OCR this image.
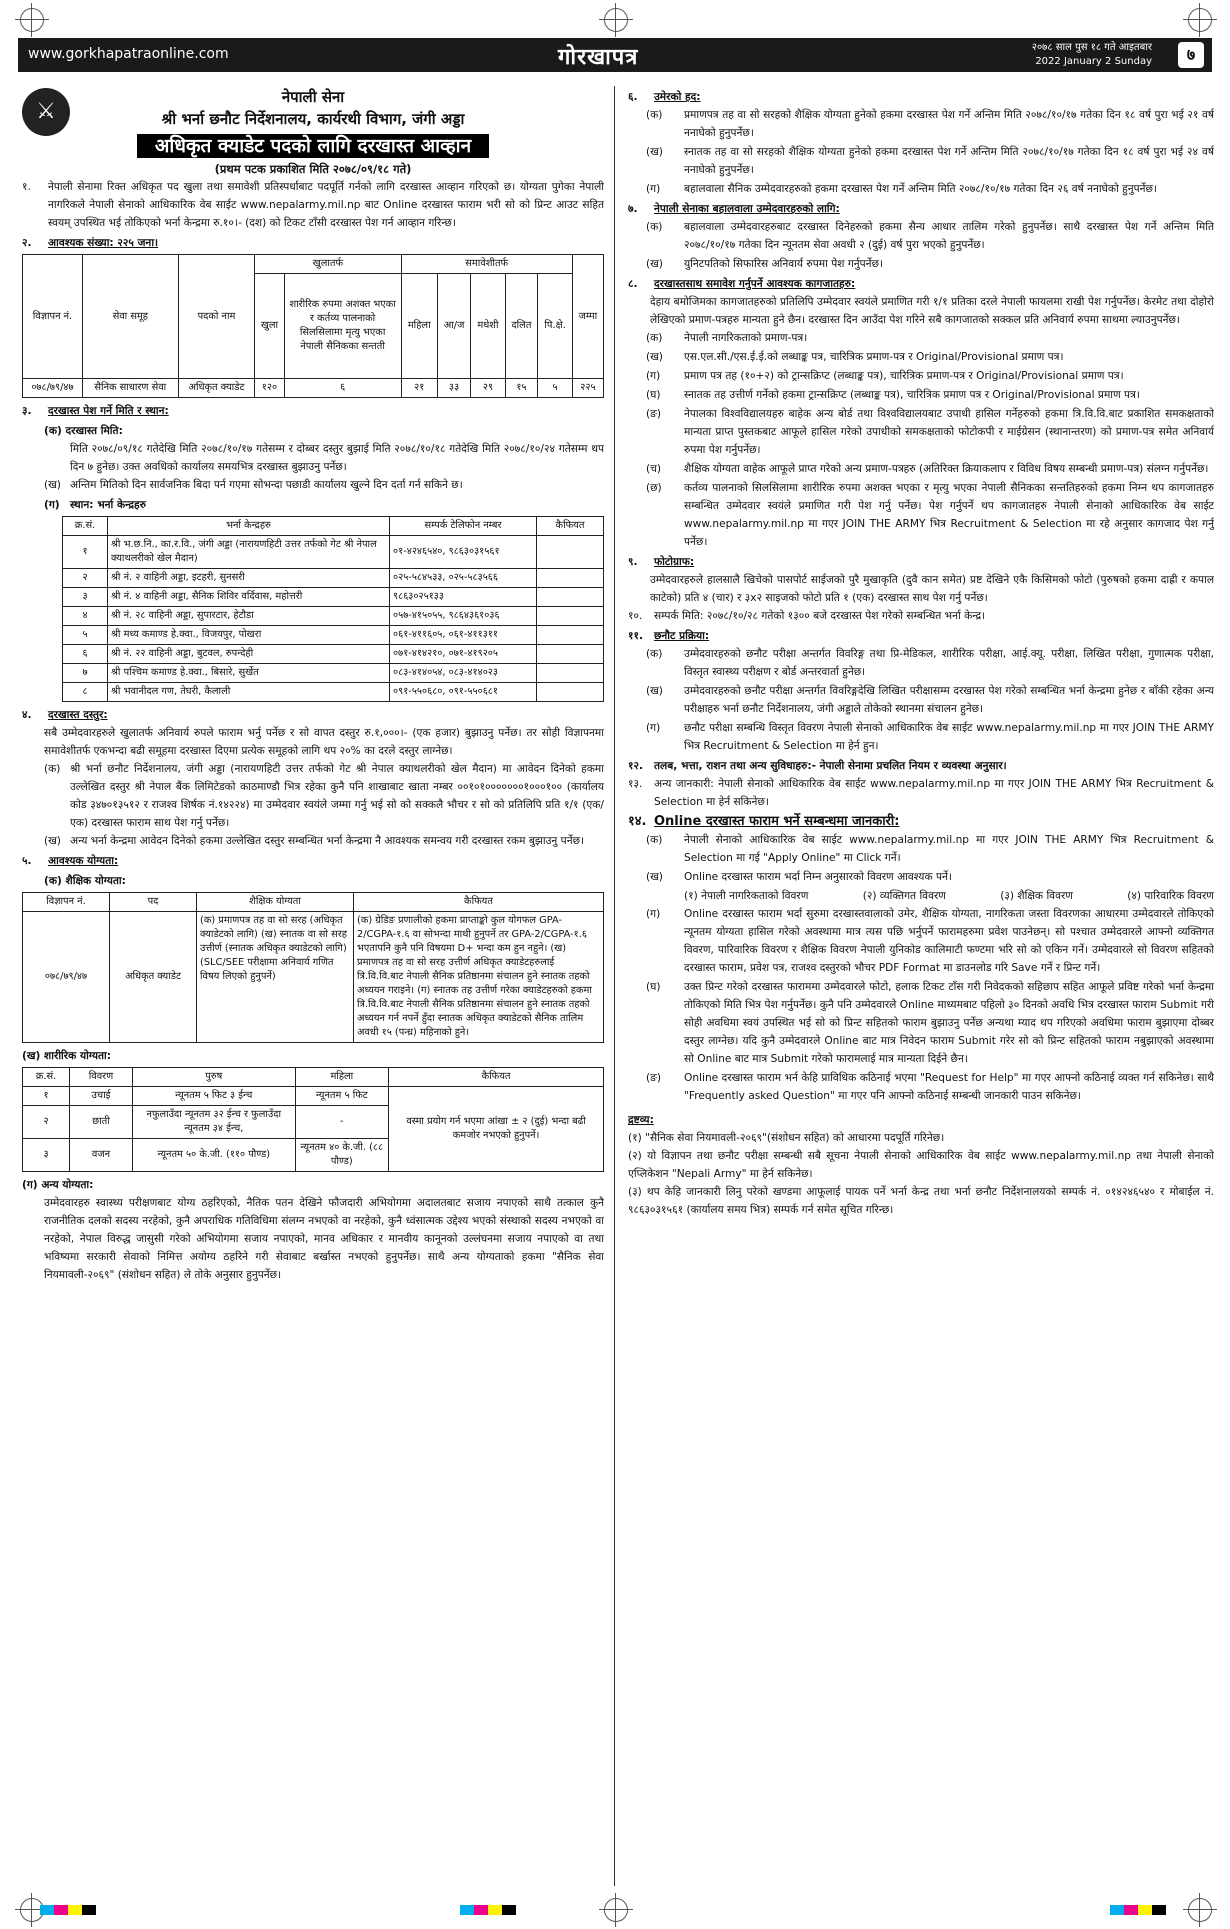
www.gorkhapatraonline.com	गोरखापत्र	२०७८ साल पुस १८ गते आइतबार
2022 January 2 Sunday	७
⚔
नेपाली सेना
श्री भर्ना छनौट निर्देशनालय, कार्यरथी विभाग, जंगी अड्डा
अधिकृत क्याडेट पदको लागि दरखास्त आव्हान
(प्रथम पटक प्रकाशित मिति २०७८/०९/१८ गते)
१.	नेपाली सेनामा रिक्त अधिकृत पद खुला तथा समावेशी प्रतिस्पर्धाबाट पदपूर्ति गर्नको लागि दरखास्त आव्हान गरिएको छ। योग्यता पुगेका नेपाली नागरिकले नेपाली सेनाको आधिकारिक वेब साईट www.nepalarmy.mil.np बाट Online दरखास्त फाराम भरी सो को प्रिन्ट आउट सहित स्वयम् उपस्थित भई तोकिएको भर्ना केन्द्रमा रु.१०।- (दश) को टिकट टाँसी दरखास्त पेश गर्न आव्हान गरिन्छ।
२.	आवश्यक संख्या: २२५ जना।
विज्ञापन नं.	सेवा समूह	पदको नाम	खुलातर्फ		समावेशीतर्फ					जम्मा
			खुला	शारीरिक रुपमा अशक्त भएका र कर्तव्य पालनाको सिलसिलामा मृत्यु भएका नेपाली सैनिकका सन्तती	महिला	आ/ज	मधेशी	दलित	पि.क्षे.	
०७८/७९/४७	सैनिक साधारण सेवा	अधिकृत क्याडेट	१२०	६	२१	३३	२९	१५	५	२२५
३.	दरखास्त पेश गर्ने मिति र स्थान:
(क) दरखास्त मिति:
मिति २०७८/०९/१८ गतेदेखि मिति २०७८/१०/१७ गतेसम्म र दोब्बर दस्तुर बुझाई मिति २०७८/१०/१८ गतेदेखि मिति २०७८/१०/२४ गतेसम्म थप दिन ७ हुनेछ। उक्त अवधिको कार्यालय समयभित्र दरखास्त बुझाउनु पर्नेछ।
(ख) अन्तिम मितिको दिन सार्वजनिक बिदा पर्न गएमा सोभन्दा पछाडी कार्यालय खुल्ने दिन दर्ता गर्न सकिने छ।
(ग) स्थान: भर्ना केन्द्रहरु
क्र.सं.	भर्ना केन्द्रहरु	सम्पर्क टेलिफोन नम्बर	कैफियत
१	श्री भ.छ.नि., का.र.वि., जंगी अड्डा (नारायणहिटी उत्तर तर्फको गेट श्री नेपाल क्याथलरीको खेल मैदान)	०१-४२४६५४०, ९८६३०३१५६१	
२	श्री नं. २ वाहिनी अड्डा, इटहरी, सुनसरी	०२५-५८४५३३, ०२५-५८३५६६	
३	श्री नं. ४ वाहिनी अड्डा, सैनिक शिविर वर्दिवास, महोत्तरी	९८६३०२५१३३	
४	श्री नं. २८ वाहिनी अड्डा, सुपारटार, हेटौडा	०५७-४१५०५५, ९८६४३६१०३६	
५	श्री मध्य कमाण्ड हे.क्वा., विजयपुर, पोखरा	०६१-४११६०५, ०६१-४११३११	
६	श्री नं. २२ वाहिनी अड्डा, बुटवल, रुपन्देही	०७१-४१४२१०, ०७१-४१९२०५	
७	श्री पश्चिम कमाण्ड हे.क्वा., बिसारे, सुर्खेत	०८३-४१४०५४, ०८३-४१४०२३	
८	श्री भवानीदल गण, तेघरी, कैलाली	०९१-५५०६८०, ०९१-५५०६८१	
४.	दरखास्त दस्तुर:
सबै उम्मेदवारहरुले खुलातर्फ अनिवार्य रुपले फाराम भर्नु पर्नेछ र सो वापत दस्तुर रु.१,०००।- (एक हजार) बुझाउनु पर्नेछ। तर सोही विज्ञापनमा समावेशीतर्फ एकभन्दा बढी समूहमा दरखास्त दिएमा प्रत्येक समूहको लागि थप २०% का दरले दस्तुर लाग्नेछ।
(क) श्री भर्ना छनौट निर्देशनालय, जंगी अड्डा (नारायणहिटी उत्तर तर्फको गेट श्री नेपाल क्याथलरीको खेल मैदान) मा आवेदन दिनेको हकमा उल्लेखित दस्तुर श्री नेपाल बैंक लिमिटेडको काठमाण्डौ भित्र रहेका कुनै पनि शाखाबाट खाता नम्बर ००१०१०००००००१०००१०० (कार्यालय कोड ३४७०१३५१२ र राजश्व शिर्षक नं.१४२२४) मा उम्मेदवार स्वयंले जम्मा गर्नु भई सो को सक्कलै भौचर र सो को प्रतिलिपि प्रति १/१ (एक/एक) दरखास्त फाराम साथ पेश गर्नु पर्नेछ।
(ख) अन्य भर्ना केन्द्रमा आवेदन दिनेको हकमा उल्लेखित दस्तुर सम्बन्धित भर्ना केन्द्रमा नै आवश्यक समन्वय गरी दरखास्त रकम बुझाउनु पर्नेछ।
५.	आवश्यक योग्यता:
(क) शैक्षिक योग्यता:
विज्ञापन नं.	पद	शैक्षिक योग्यता	कैफियत
०७८/७९/४७	अधिकृत क्याडेट	(क) प्रमाणपत्र तह वा सो सरह (अधिकृत क्याडेटको लागि) (ख) स्नातक वा सो सरह उत्तीर्ण (स्नातक अधिकृत क्याडेटको लागि) (SLC/SEE परीक्षामा अनिवार्य गणित विषय लिएको हुनुपर्ने)	(क) ग्रेडिङ प्रणालीको हकमा प्राप्ताङ्को कुल योगफल GPA-2/CGPA-१.६ वा सोभन्दा माथी हुनुपर्ने तर GPA-2/CGPA-१.६ भएतापनि कुनै पनि विषयमा D+ भन्दा कम हुन नहुने। (ख) प्रमाणपत्र तह वा सो सरह उत्तीर्ण अधिकृत क्याडेटहरुलाई त्रि.वि.वि.बाट नेपाली सैनिक प्रतिष्ठानमा संचालन हुने स्नातक तहको अध्ययन गराइने। (ग) स्नातक तह उत्तीर्ण गरेका क्याडेटहरुको हकमा त्रि.वि.वि.बाट नेपाली सैनिक प्रतिष्ठानमा संचालन हुने स्नातक तहको अध्ययन गर्न नपर्ने हुँदा स्नातक अधिकृत क्याडेटको सैनिक तालिम अवधी १५ (पन्ध्र) महिनाको हुने।
(ख) शारीरिक योग्यता:
क्र.सं.	विवरण	पुरुष	महिला	कैफियत
१	उचाई	न्यूनतम ५ फिट ३ ईन्च	न्यूनतम ५ फिट	वस्मा प्रयोग गर्न भएमा आंखा ± २ (दुई) भन्दा बढी कमजोर नभएको हुनुपर्ने।
२	छाती	नफुलाउँदा न्यूनतम ३२ ईन्च र फुलाउँदा न्यूनतम ३४ ईन्च,	-	
३	वजन	न्यूनतम ५० के.जी. (११० पौण्ड)	न्यूनतम ४० के.जी. (८८ पौण्ड)	
(ग) अन्य योग्यता:
उम्मेदवारहरु स्वास्थ्य परीक्षणबाट योग्य ठहरिएको, नैतिक पतन देखिने फौजदारी अभियोगमा अदालतबाट सजाय नपाएको साथै तत्काल कुनै राजनीतिक दलको सदस्य नरहेको, कुनै अपराधिक गतिविधिमा संलग्न नभएको वा नरहेको, कुनै ध्वंसात्मक उद्देश्य भएको संस्थाको सदस्य नभएको वा नरहेको, नेपाल विरुद्ध जासुसी गरेको अभियोगमा सजाय नपाएको, मानव अधिकार र मानवीय कानूनको उल्लंघनमा सजाय नपाएको वा तथा भविष्यमा सरकारी सेवाको निमित्त अयोग्य ठहरिने गरी सेवाबाट बर्खास्त नभएको हुनुपर्नेछ। साथै अन्य योग्यताको हकमा "सैनिक सेवा नियमावली-२०६९" (संशोधन सहित) ले तोके अनुसार हुनुपर्नेछ।
६.	उमेरको हद:
(क)	प्रमाणपत्र तह वा सो सरहको शैक्षिक योग्यता हुनेको हकमा दरखास्त पेश गर्ने अन्तिम मिति २०७८/१०/१७ गतेका दिन १८ वर्ष पुरा भई २१ वर्ष ननाघेको हुनुपर्नेछ।
(ख)	स्नातक तह वा सो सरहको शैक्षिक योग्यता हुनेको हकमा दरखास्त पेश गर्ने अन्तिम मिति २०७८/१०/१७ गतेका दिन १८ वर्ष पुरा भई २४ वर्ष ननाघेको हुनुपर्नेछ।
(ग)	बहालवाला सैनिक उम्मेदवारहरुको हकमा दरखास्त पेश गर्ने अन्तिम मिति २०७८/१०/१७ गतेका दिन २६ वर्ष ननाघेको हुनुपर्नेछ।
७.	नेपाली सेनाका बहालवाला उम्मेदवारहरुको लागि:
(क)	बहालवाला उम्मेदवारहरुबाट दरखास्त दिनेहरुको हकमा सैन्य आधार तालिम गरेको हुनुपर्नेछ। साथै दरखास्त पेश गर्ने अन्तिम मिति २०७८/१०/१७ गतेका दिन न्यूनतम सेवा अवधी २ (दुई) वर्ष पुरा भएको हुनुपर्नेछ।
(ख)	युनिटपतिको सिफारिस अनिवार्य रुपमा पेश गर्नुपर्नेछ।
८.	दरखास्तसाथ समावेश गर्नुपर्ने आवश्यक कागजातहरु:
देहाय बमोजिमका कागजातहरुको प्रतिलिपि उम्मेदवार स्वयंले प्रमाणित गरी १/१ प्रतिका दरले नेपाली फायलमा राखी पेश गर्नुपर्नेछ। केरमेट तथा दोहोरो लेखिएको प्रमाण-पत्रहरु मान्यता हुने छैन। दरखास्त दिन आउँदा पेश गरिने सबै कागजातको सक्कल प्रति अनिवार्य रुपमा साथमा ल्याउनुपर्नेछ।
(क)	नेपाली नागरिकताको प्रमाण-पत्र।
(ख)	एस.एल.सी./एस.ई.ई.को लब्धाङ्क पत्र, चारित्रिक प्रमाण-पत्र र Original/Provisional प्रमाण पत्र।
(ग)	प्रमाण पत्र तह (१०+२) को ट्रान्सक्रिप्ट (लब्धाङ्क पत्र), चारित्रिक प्रमाण-पत्र र Original/Provisional प्रमाण पत्र।
(घ)	स्नातक तह उत्तीर्ण गर्नेको हकमा ट्रान्सक्रिप्ट (लब्धाङ्क पत्र), चारित्रिक प्रमाण पत्र र Original/Provisional प्रमाण पत्र।
(ङ)	नेपालका विश्वविद्यालयहरु बाहेक अन्य बोर्ड तथा विश्वविद्यालयबाट उपाधी हासिल गर्नेहरुको हकमा त्रि.वि.वि.बाट प्रकाशित समकक्षताको मान्यता प्राप्त पुस्तकबाट आफूले हासिल गरेको उपाधीको समकक्षताको फोटोकपी र माईग्रेसन (स्थानान्तरण) को प्रमाण-पत्र समेत अनिवार्य रुपमा पेश गर्नुपर्नेछ।
(च)	शैक्षिक योग्यता वाहेक आफूले प्राप्त गरेको अन्य प्रमाण-पत्रहरु (अतिरिक्त क्रियाकलाप र विविध विषय सम्बन्धी प्रमाण-पत्र) संलग्न गर्नुपर्नेछ।
(छ)	कर्तव्य पालनाको सिलसिलामा शारीरिक रुपमा अशक्त भएका र मृत्यु भएका नेपाली सैनिकका सन्ततिहरुको हकमा निम्न थप कागजातहरु सम्बन्धित उम्मेदवार स्वयंले प्रमाणित गरी पेश गर्नु पर्नेछ। पेश गर्नुपर्ने थप कागजातहरु नेपाली सेनाको आधिकारिक वेब साईट www.nepalarmy.mil.np मा गएर JOIN THE ARMY भित्र Recruitment & Selection मा रहे अनुसार कागजाद पेश गर्नु पर्नेछ।
९.	फोटोग्राफ:
उम्मेदवारहरुले हालसालै खिचेको पासपोर्ट साईजको पुरै मुखाकृति (दुवै कान समेत) प्रष्ट देखिने एकै किसिमको फोटो (पुरुषको हकमा दाह्री र कपाल काटेको) प्रति ४ (चार) र ३x२ साइजको फोटो प्रति १ (एक) दरखास्त साथ पेश गर्नु पर्नेछ।
१०.	सम्पर्क मिति: २०७८/१०/२८ गतेको १३०० बजे दरखास्त पेश गरेको सम्बन्धित भर्ना केन्द्र।
११.	छनौट प्रक्रिया:
(क)	उम्मेदवारहरुको छनौट परीक्षा अन्तर्गत विवरिङ्ग तथा प्रि-मेडिकल, शारीरिक परीक्षा, आई.क्यू. परीक्षा, लिखित परीक्षा, गुणात्मक परीक्षा, विस्तृत स्वास्थ्य परीक्षण र बोर्ड अन्तरवार्ता हुनेछ।
(ख)	उम्मेदवारहरुको छनौट परीक्षा अन्तर्गत विवरिङ्गदेखि लिखित परीक्षासम्म दरखास्त पेश गरेको सम्बन्धित भर्ना केन्द्रमा हुनेछ र बाँकी रहेका अन्य परीक्षाहरु भर्ना छनौट निर्देशनालय, जंगी अड्डाले तोकेको स्थानमा संचालन हुनेछ।
(ग)	छनौट परीक्षा सम्बन्धि विस्तृत विवरण नेपाली सेनाको आधिकारिक वेब साईट www.nepalarmy.mil.np मा गएर JOIN THE ARMY भित्र Recruitment & Selection मा हेर्न हुन।
१२.	तलब, भत्ता, राशन तथा अन्य सुविधाहरु:- नेपाली सेनामा प्रचलित नियम र व्यवस्था अनुसार।
१३.	अन्य जानकारी: नेपाली सेनाको आधिकारिक वेब साईट www.nepalarmy.mil.np मा गएर JOIN THE ARMY भित्र Recruitment & Selection मा हेर्न सकिनेछ।
१४. Online दरखास्त फाराम भर्ने सम्बन्धमा जानकारी:
(क)	नेपाली सेनाको आधिकारिक वेब साईट www.nepalarmy.mil.np मा गएर JOIN THE ARMY भित्र Recruitment & Selection मा गई "Apply Online" मा Click गर्ने।
(ख)	Online दरखास्त फाराम भर्दा निम्न अनुसारको विवरण आवश्यक पर्ने।
(१) नेपाली नागरिकताको विवरण	(२) व्यक्तिगत विवरण	(३) शैक्षिक विवरण	(४) पारिवारिक विवरण
(ग)	Online दरखास्त फाराम भर्दा सुरुमा दरखास्तवालाको उमेर, शैक्षिक योग्यता, नागरिकता जस्ता विवरणका आधारमा उम्मेदवारले तोकिएको न्यूनतम योग्यता हासिल गरेको अवस्थामा मात्र त्यस पछि भर्नुपर्ने फारामहरुमा प्रवेश पाउनेछन्। सो पश्चात उम्मेदवारले आफ्नो व्यक्तिगत विवरण, पारिवारिक विवरण र शैक्षिक विवरण नेपाली युनिकोड कालिमाटी फण्टमा भरि सो को एकिन गर्ने। उम्मेदवारले सो विवरण सहितको दरखास्त फाराम, प्रवेश पत्र, राजश्व दस्तुरको भौचर PDF Format मा डाउनलोड गरि Save गर्ने र प्रिन्ट गर्ने।
(घ)	उक्त प्रिन्ट गरेको दरखास्त फाराममा उम्मेदवारले फोटो, हलाक टिकट टाँस गरी निवेदकको सहिछाप सहित आफूले प्रविष्ट गरेको भर्ना केन्द्रमा तोकिएको मिति भित्र पेश गर्नुपर्नेछ। कुनै पनि उम्मेदवारले Online माध्यमबाट पहिलो ३० दिनको अवधि भित्र दरखास्त फाराम Submit गरी सोही अवधिमा स्वयं उपस्थित भई सो को प्रिन्ट सहितको फाराम बुझाउनु पर्नेछ अन्यथा म्याद थप गरिएको अवधिमा फाराम बुझाएमा दोब्बर दस्तुर लाग्नेछ। यदि कुनै उम्मेदवारले Online बाट मात्र निवेदन फाराम Submit गरेर सो को प्रिन्ट सहितको फाराम नबुझाएको अवस्थामा सो Online बाट मात्र Submit गरेको फारामलाई मात्र मान्यता दिईने छैन।
(ङ)	Online दरखास्त फाराम भर्न केहि प्राविधिक कठिनाई भएमा "Request for Help" मा गएर आफ्नो कठिनाई व्यक्त गर्न सकिनेछ। साथै "Frequently asked Question" मा गएर पनि आफ्नो कठिनाई सम्बन्धी जानकारी पाउन सकिनेछ।
द्रष्टव्य:
(१) "सैनिक सेवा नियमावली-२०६९"(संशोधन सहित) को आधारमा पदपूर्ति गरिनेछ।
(२) यो विज्ञापन तथा छनौट परीक्षा सम्बन्धी सबै सूचना नेपाली सेनाको आधिकारिक वेब साईट www.nepalarmy.mil.np तथा नेपाली सेनाको एप्लिकेशन "Nepali Army" मा हेर्न सकिनेछ।
(३) थप केहि जानकारी लिनु परेको खण्डमा आफूलाई पायक पर्ने भर्ना केन्द्र तथा भर्ना छनौट निर्देशनालयको सम्पर्क नं. ०१४२४६५४० र मोबाईल नं. ९८६३०३१५६१ (कार्यालय समय भित्र) सम्पर्क गर्न समेत सूचित गरिन्छ।
